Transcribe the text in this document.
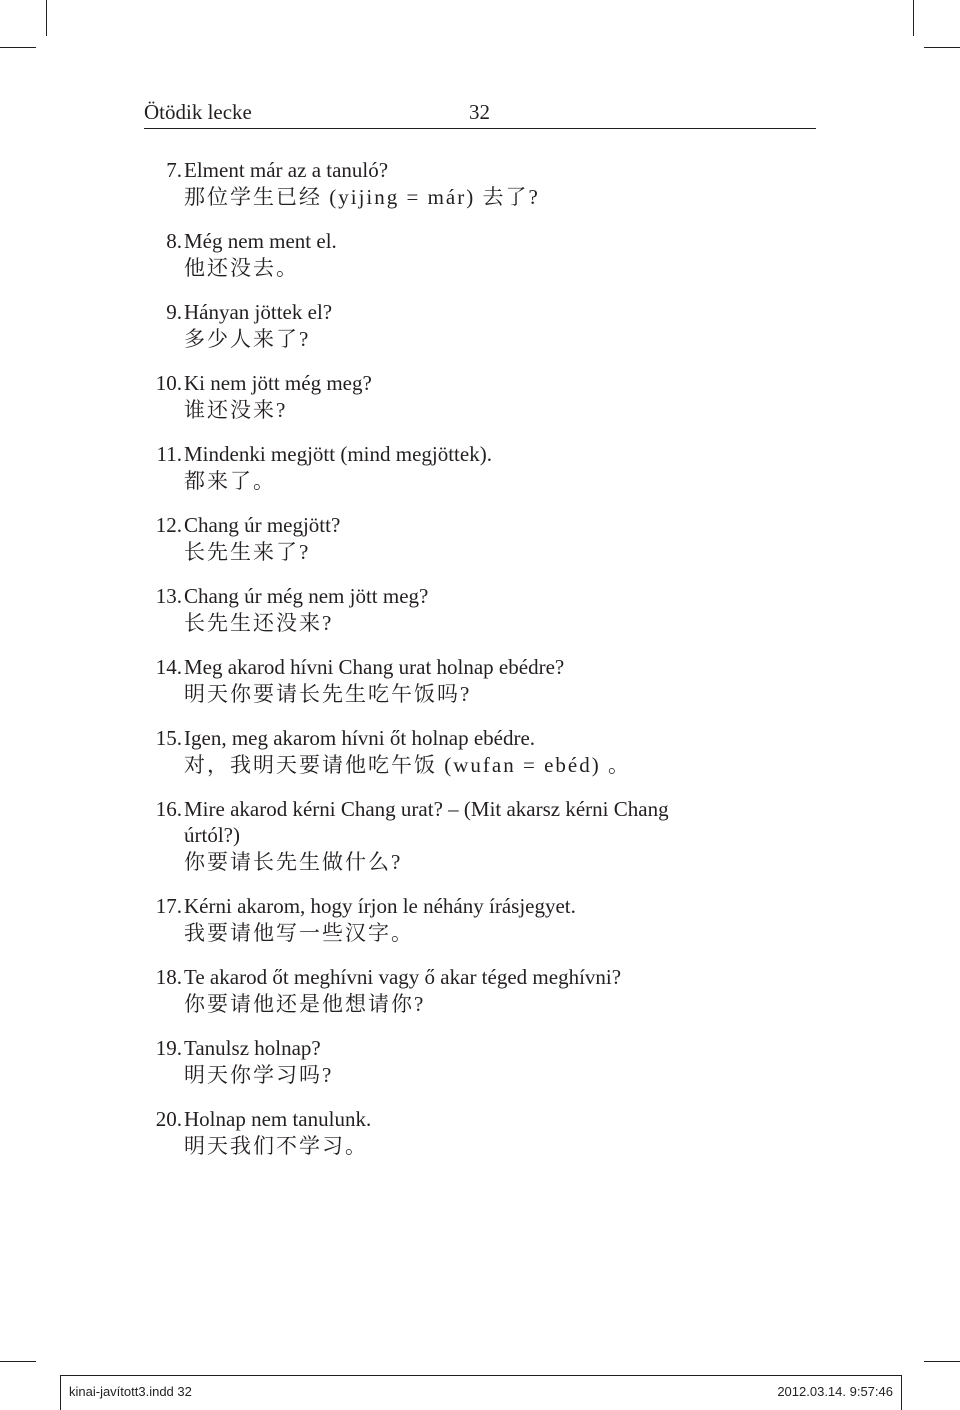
Ötödik lecke	32
7. Elment már az a tanuló?
那位学生已经 (yijing = már) 去了?
8. Még nem ment el.
他还没去。
9. Hányan jöttek el?
多少人来了?
10. Ki nem jött még meg?
谁还没来?
11. Mindenki megjött (mind megjöttek).
都来了。
12. Chang úr megjött?
长先生来了?
13. Chang úr még nem jött meg?
长先生还没来?
14. Meg akarod hívni Chang urat holnap ebédre?
明天你要请长先生吃午饭吗?
15. Igen, meg akarom hívni őt holnap ebédre.
对，我明天要请他吃午饭 (wufan = ebéd) 。
16. Mire akarod kérni Chang urat? – (Mit akarsz kérni Chang
úrtól?)
你要请长先生做什么?
17. Kérni akarom, hogy írjon le néhány írásjegyet.
我要请他写一些汉字。
18. Te akarod őt meghívni vagy ő akar téged meghívni?
你要请他还是他想请你?
19. Tanulsz holnap?
明天你学习吗?
20. Holnap nem tanulunk.
明天我们不学习。
kinai-javított3.indd 32	2012.03.14. 9:57:46
